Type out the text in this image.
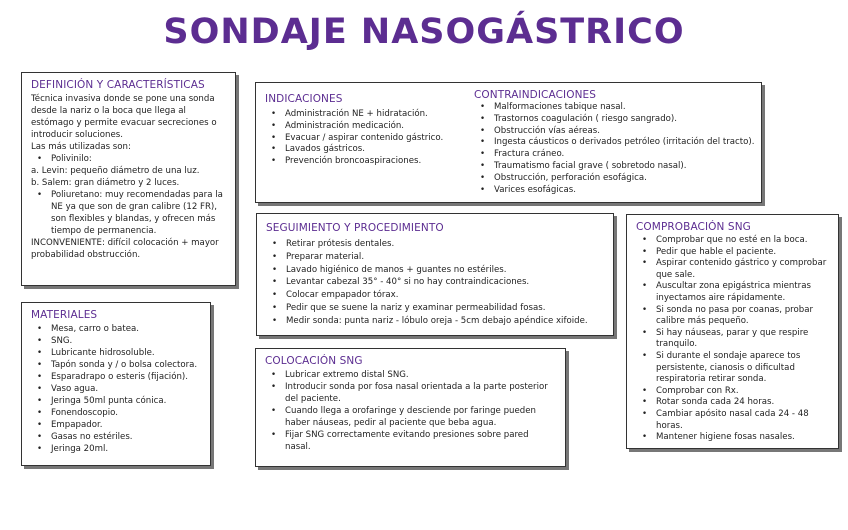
SONDAJE NASOGÁSTRICO
DEFINICIÓN Y CARACTERÍSTICAS

Técnica invasiva donde se pone una sonda desde la nariz o la boca que llega al estómago y permite evacuar secreciones o introducir soluciones.

Las más utilizadas son:

• Polivinilo:

a. Levin: pequeño diámetro de una luz.

b. Salem: gran diámetro y 2 luces.

• Poliuretano: muy recomendadas para la NE ya que son de gran calibre (12 FR), son flexibles y blandas, y ofrecen más tiempo de permanencia.

INCONVENIENTE: difícil colocación + mayor probabilidad obstrucción.

INDICACIONES
• Administración NE + hidratación.
• Administración medicación.
• Evacuar / aspirar contenido gástrico.
• Lavados gástricos.
• Prevención broncoaspiraciones.
CONTRAINDICACIONES
• Malformaciones tabique nasal.
• Trastornos coagulación ( riesgo sangrado).
• Obstrucción vías aéreas.
• Ingesta cáusticos o derivados petróleo (irritación del tracto).
• Fractura cráneo.
• Traumatismo facial grave ( sobretodo nasal).
• Obstrucción, perforación esofágica.
• Varices esofágicas.
MATERIALES
• Mesa, carro o batea.
• SNG.
• Lubricante hidrosoluble.
• Tapón sonda y / o bolsa colectora.
• Esparadrapo o esteris (fijación).
• Vaso agua.
• Jeringa 50ml punta cónica.
• Fonendoscopio.
• Empapador.
• Gasas no estériles.
• Jeringa 20ml.
SEGUIMIENTO Y PROCEDIMIENTO
• Retirar prótesis dentales.
• Preparar material.
• Lavado higiénico de manos + guantes no estériles.
• Levantar cabezal 35° - 40° si no hay contraindicaciones.
• Colocar empapador tórax.
• Pedir que se suene la nariz y examinar permeabilidad fosas.
• Medir sonda: punta nariz - lóbulo oreja - 5cm debajo apéndice xifoide.
COLOCACIÓN SNG
• Lubricar extremo distal SNG.
• Introducir sonda por fosa nasal orientada a la parte posterior del paciente.
• Cuando llega a orofaringe y desciende por faringe pueden haber náuseas, pedir al paciente que beba agua.
• Fijar SNG correctamente evitando presiones sobre pared nasal.
COMPROBACIÓN SNG
• Comprobar que no esté en la boca.
• Pedir que hable el paciente.
• Aspirar contenido gástrico y comprobar que sale.
• Auscultar zona epigástrica mientras inyectamos aire rápidamente.
• Si sonda no pasa por coanas, probar calibre más pequeño.
• Si hay náuseas, parar y que respire tranquilo.
• Si durante el sondaje aparece tos persistente, cianosis o dificultad respiratoria retirar sonda.
• Comprobar con Rx.
• Rotar sonda cada 24 horas.
• Cambiar apósito nasal cada 24 - 48 horas.
• Mantener higiene fosas nasales.
